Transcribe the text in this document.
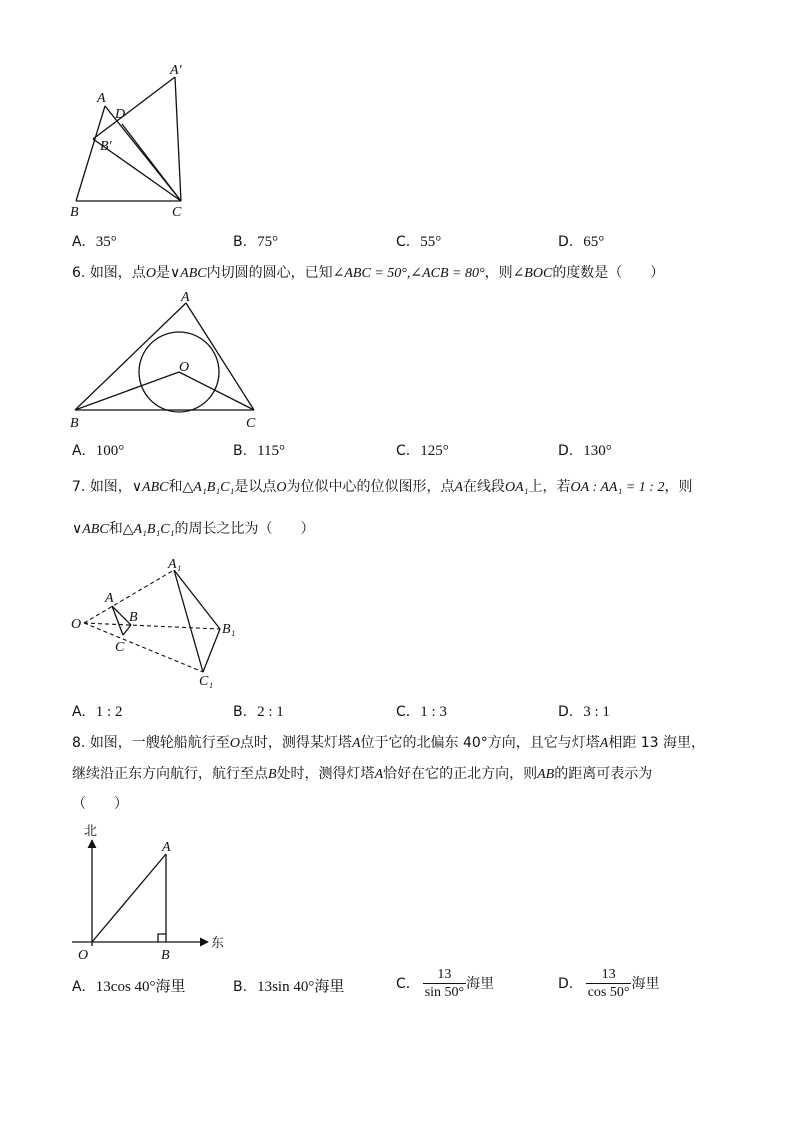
A′
A
D
B′
B	C
A. 35°	B. 75°	C. 55°	D. 65°
6. 如图，点O是∨ABC内切圆的圆心，已知∠ABC = 50°,∠ACB = 80°，则∠BOC的度数是（　　）
A
O
B	C
A. 100°	B. 115°	C. 125°	D. 130°
7. 如图，∨ABC和△A₁B₁C₁是以点O为位似中心的位似图形，点A在线段OA₁上，若OA : AA₁ = 1 : 2，则
∨ABC和△A₁B₁C₁的周长之比为（　　）
A₁
A
B
O	B₁
C
C₁
A. 1 : 2	B. 2 : 1	C. 1 : 3	D. 3 : 1
8. 如图，一艘轮船航行至O点时，测得某灯塔A位于它的北偏东 40°方向，且它与灯塔A相距 13 海里，
继续沿正东方向航行，航行至点B处时，测得灯塔A恰好在它的正北方向，则AB的距离可表示为
（　　）
北
东
A
O	B
A. 13cos 40°海里	B. 13sin 40°海里	C. $\frac{13}{\sin 50^\circ}$ 海里	D. $\frac{13}{\cos 50^\circ}$ 海里
